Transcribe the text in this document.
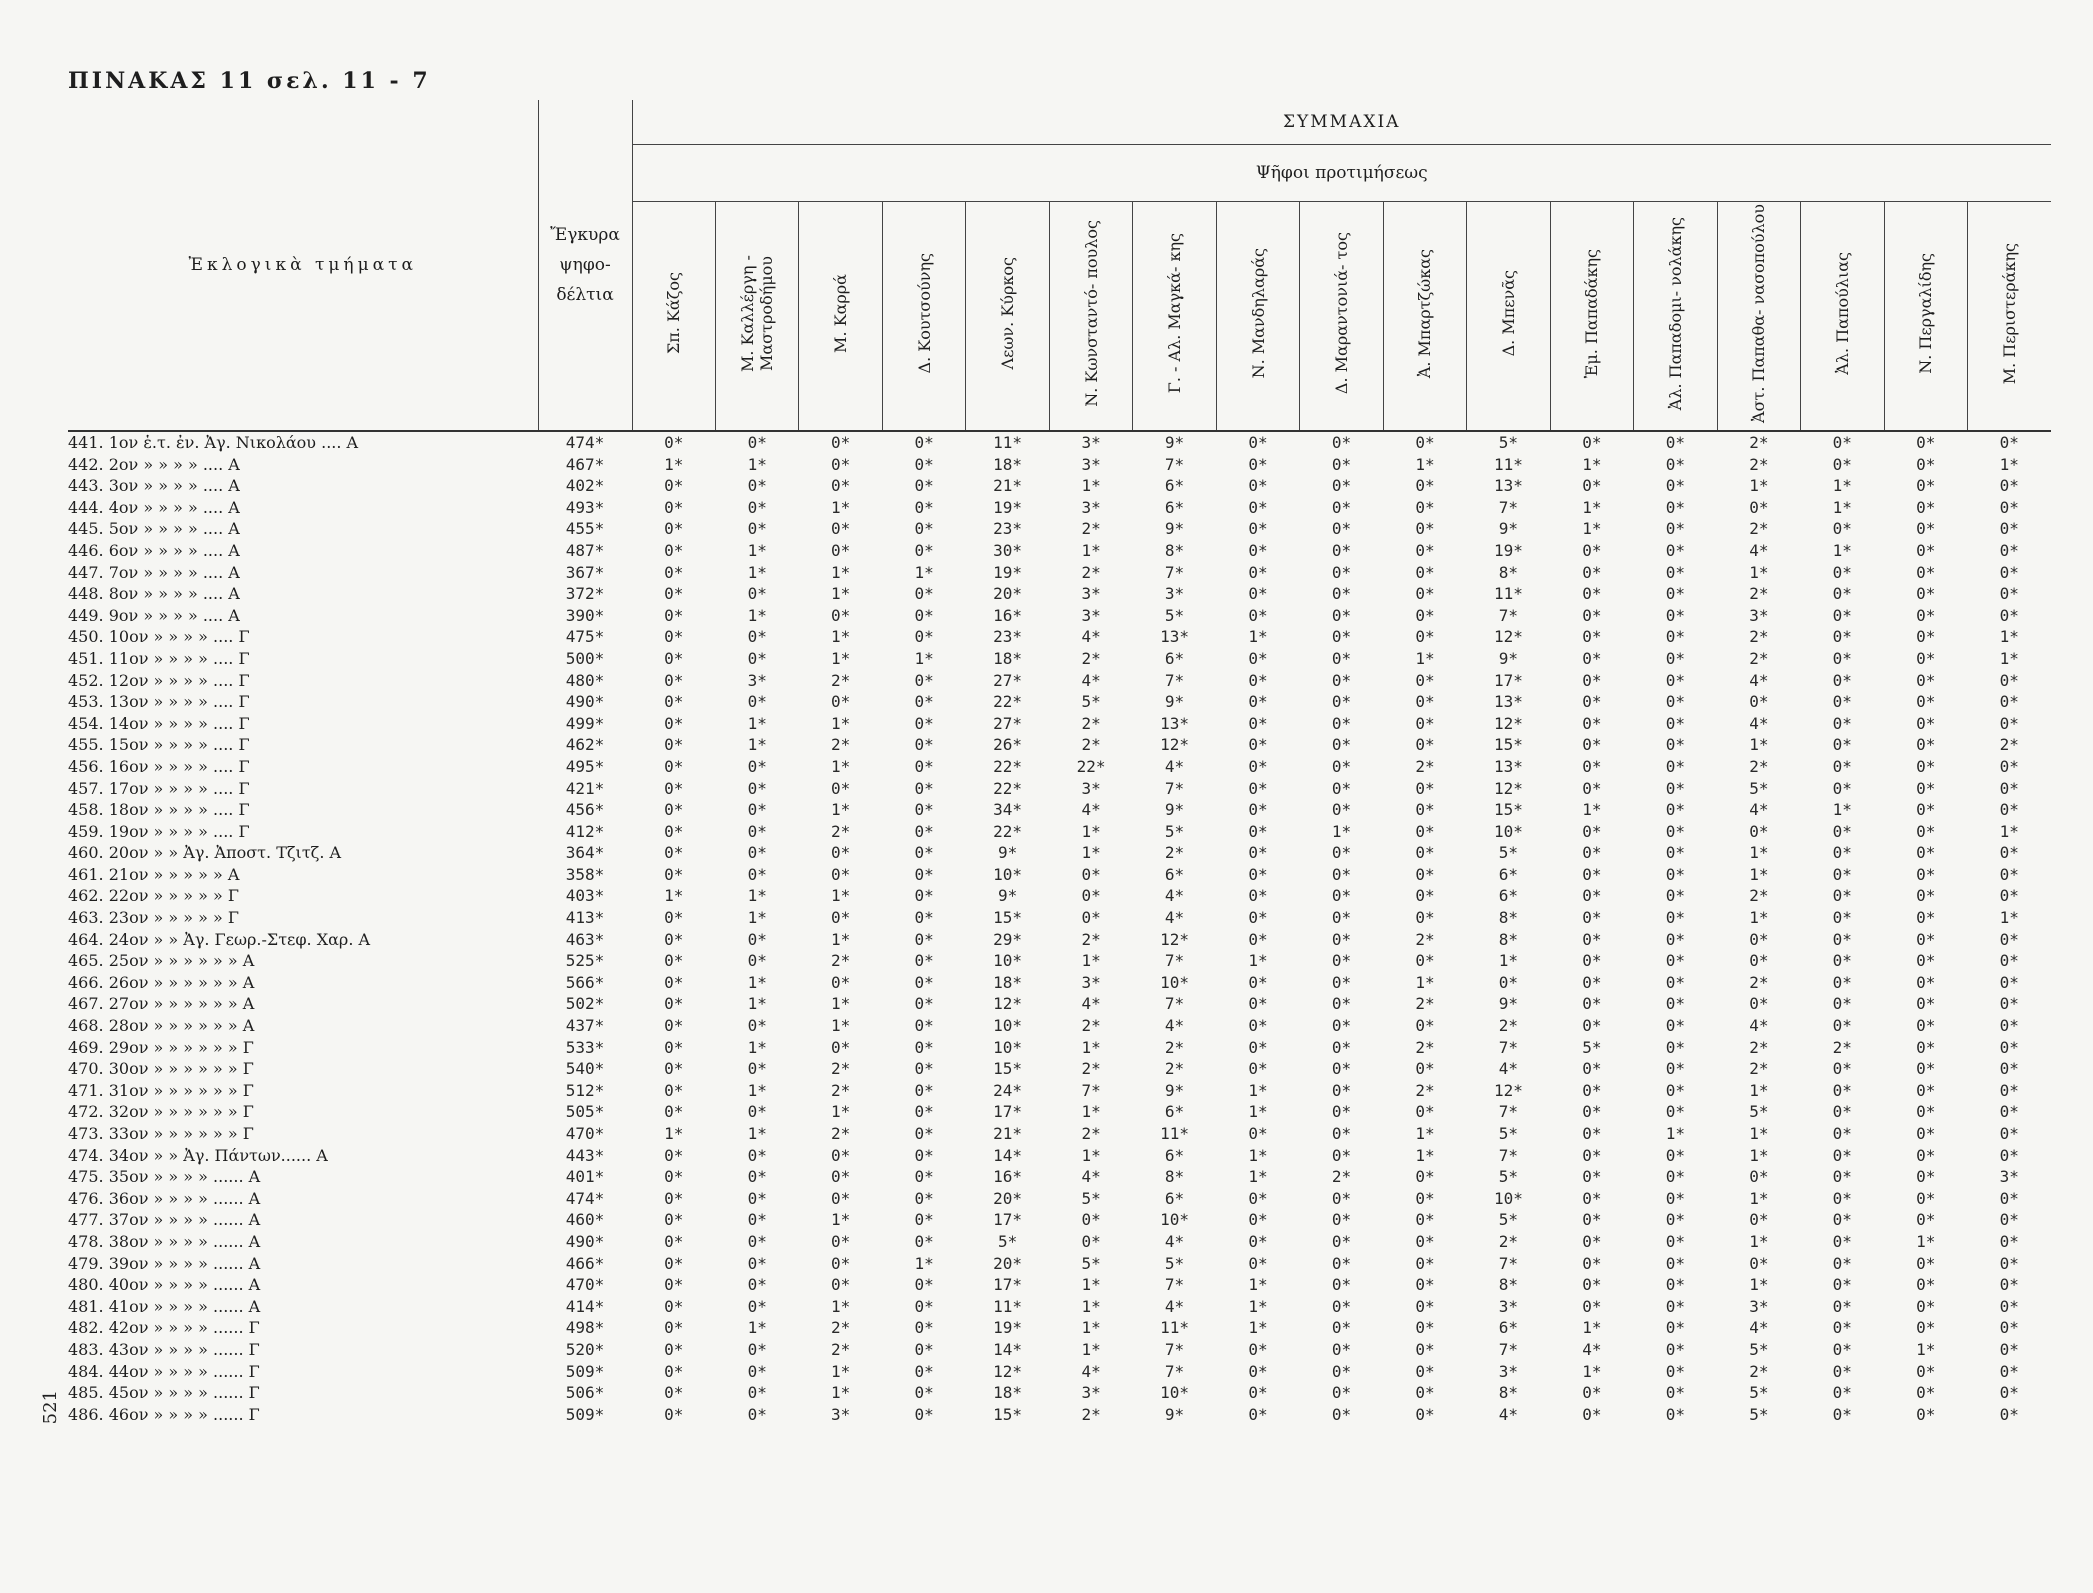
ΠΙΝΑΚΑΣ 11 σελ. 11 - 7
Ἐκλογικὰ τμήματα	Ἔγκυρα ψηφο- δέλτια	ΣΥΜΜΑΧΙΑ																
		Ψῆφοι προτιμήσεως																
		Σπ. Κάζος	Μ. Καλλέργη - Μαστροδήμου	Μ. Καρρά	Δ. Κουτσούνης	Λεων. Κύρκος	Ν. Κωνσταντό- πουλος	Γ. - Αλ. Μαγκά- κης	Ν. Μανδηλαράς	Δ. Μαραντονιά- τος	Ἀ. Μπαρτζώκας	Δ. Μπενᾶς	Ἐμ. Παπαδάκης	Ἀλ. Παπαδομι- νολάκης	Ἀστ. Παπαθα- νασοπούλου	Ἀλ. Παπούλιας	Ν. Περγαλίδης	Μ. Περιστεράκης
441. 1ον ἑ.τ. ἐν. Ἀγ. Νικολάου .... Α	474*	0*	0*	0*	0*	11*	3*	9*	0*	0*	0*	5*	0*	0*	2*	0*	0*	0*
442. 2ον » » » » .... Α	467*	1*	1*	0*	0*	18*	3*	7*	0*	0*	1*	11*	1*	0*	2*	0*	0*	1*
443. 3ον » » » » .... Α	402*	0*	0*	0*	0*	21*	1*	6*	0*	0*	0*	13*	0*	0*	1*	1*	0*	0*
444. 4ον » » » » .... Α	493*	0*	0*	1*	0*	19*	3*	6*	0*	0*	0*	7*	1*	0*	0*	1*	0*	0*
445. 5ον » » » » .... Α	455*	0*	0*	0*	0*	23*	2*	9*	0*	0*	0*	9*	1*	0*	2*	0*	0*	0*
446. 6ον » » » » .... Α	487*	0*	1*	0*	0*	30*	1*	8*	0*	0*	0*	19*	0*	0*	4*	1*	0*	0*
447. 7ον » » » » .... Α	367*	0*	1*	1*	1*	19*	2*	7*	0*	0*	0*	8*	0*	0*	1*	0*	0*	0*
448. 8ον » » » » .... Α	372*	0*	0*	1*	0*	20*	3*	3*	0*	0*	0*	11*	0*	0*	2*	0*	0*	0*
449. 9ον » » » » .... Α	390*	0*	1*	0*	0*	16*	3*	5*	0*	0*	0*	7*	0*	0*	3*	0*	0*	0*
450. 10ον » » » » .... Γ	475*	0*	0*	1*	0*	23*	4*	13*	1*	0*	0*	12*	0*	0*	2*	0*	0*	1*
451. 11ον » » » » .... Γ	500*	0*	0*	1*	1*	18*	2*	6*	0*	0*	1*	9*	0*	0*	2*	0*	0*	1*
452. 12ον » » » » .... Γ	480*	0*	3*	2*	0*	27*	4*	7*	0*	0*	0*	17*	0*	0*	4*	0*	0*	0*
453. 13ον » » » » .... Γ	490*	0*	0*	0*	0*	22*	5*	9*	0*	0*	0*	13*	0*	0*	0*	0*	0*	0*
454. 14ον » » » » .... Γ	499*	0*	1*	1*	0*	27*	2*	13*	0*	0*	0*	12*	0*	0*	4*	0*	0*	0*
455. 15ον » » » » .... Γ	462*	0*	1*	2*	0*	26*	2*	12*	0*	0*	0*	15*	0*	0*	1*	0*	0*	2*
456. 16ον » » » » .... Γ	495*	0*	0*	1*	0*	22*	22*	4*	0*	0*	2*	13*	0*	0*	2*	0*	0*	0*
457. 17ον » » » » .... Γ	421*	0*	0*	0*	0*	22*	3*	7*	0*	0*	0*	12*	0*	0*	5*	0*	0*	0*
458. 18ον » » » » .... Γ	456*	0*	0*	1*	0*	34*	4*	9*	0*	0*	0*	15*	1*	0*	4*	1*	0*	0*
459. 19ον » » » » .... Γ	412*	0*	0*	2*	0*	22*	1*	5*	0*	1*	0*	10*	0*	0*	0*	0*	0*	1*
460. 20ον » » Ἀγ. Ἀποστ. Τζιτζ. Α	364*	0*	0*	0*	0*	9*	1*	2*	0*	0*	0*	5*	0*	0*	1*	0*	0*	0*
461. 21ον » » » » » Α	358*	0*	0*	0*	0*	10*	0*	6*	0*	0*	0*	6*	0*	0*	1*	0*	0*	0*
462. 22ον » » » » » Γ	403*	1*	1*	1*	0*	9*	0*	4*	0*	0*	0*	6*	0*	0*	2*	0*	0*	0*
463. 23ον » » » » » Γ	413*	0*	1*	0*	0*	15*	0*	4*	0*	0*	0*	8*	0*	0*	1*	0*	0*	1*
464. 24ον » » Ἀγ. Γεωρ.-Στεφ. Χαρ. Α	463*	0*	0*	1*	0*	29*	2*	12*	0*	0*	2*	8*	0*	0*	0*	0*	0*	0*
465. 25ον » » » » » » Α	525*	0*	0*	2*	0*	10*	1*	7*	1*	0*	0*	1*	0*	0*	0*	0*	0*	0*
466. 26ον » » » » » » Α	566*	0*	1*	0*	0*	18*	3*	10*	0*	0*	1*	0*	0*	0*	2*	0*	0*	0*
467. 27ον » » » » » » Α	502*	0*	1*	1*	0*	12*	4*	7*	0*	0*	2*	9*	0*	0*	0*	0*	0*	0*
468. 28ον » » » » » » Α	437*	0*	0*	1*	0*	10*	2*	4*	0*	0*	0*	2*	0*	0*	4*	0*	0*	0*
469. 29ον » » » » » » Γ	533*	0*	1*	0*	0*	10*	1*	2*	0*	0*	2*	7*	5*	0*	2*	2*	0*	0*
470. 30ον » » » » » » Γ	540*	0*	0*	2*	0*	15*	2*	2*	0*	0*	0*	4*	0*	0*	2*	0*	0*	0*
471. 31ον » » » » » » Γ	512*	0*	1*	2*	0*	24*	7*	9*	1*	0*	2*	12*	0*	0*	1*	0*	0*	0*
472. 32ον » » » » » » Γ	505*	0*	0*	1*	0*	17*	1*	6*	1*	0*	0*	7*	0*	0*	5*	0*	0*	0*
473. 33ον » » » » » » Γ	470*	1*	1*	2*	0*	21*	2*	11*	0*	0*	1*	5*	0*	1*	1*	0*	0*	0*
474. 34ον » » Ἀγ. Πάντων...... Α	443*	0*	0*	0*	0*	14*	1*	6*	1*	0*	1*	7*	0*	0*	1*	0*	0*	0*
475. 35ον » » » » ...... Α	401*	0*	0*	0*	0*	16*	4*	8*	1*	2*	0*	5*	0*	0*	0*	0*	0*	3*
476. 36ον » » » » ...... Α	474*	0*	0*	0*	0*	20*	5*	6*	0*	0*	0*	10*	0*	0*	1*	0*	0*	0*
477. 37ον » » » » ...... Α	460*	0*	0*	1*	0*	17*	0*	10*	0*	0*	0*	5*	0*	0*	0*	0*	0*	0*
478. 38ον » » » » ...... Α	490*	0*	0*	0*	0*	5*	0*	4*	0*	0*	0*	2*	0*	0*	1*	0*	1*	0*
479. 39ον » » » » ...... Α	466*	0*	0*	0*	1*	20*	5*	5*	0*	0*	0*	7*	0*	0*	0*	0*	0*	0*
480. 40ον » » » » ...... Α	470*	0*	0*	0*	0*	17*	1*	7*	1*	0*	0*	8*	0*	0*	1*	0*	0*	0*
481. 41ον » » » » ...... Α	414*	0*	0*	1*	0*	11*	1*	4*	1*	0*	0*	3*	0*	0*	3*	0*	0*	0*
482. 42ον » » » » ...... Γ	498*	0*	1*	2*	0*	19*	1*	11*	1*	0*	0*	6*	1*	0*	4*	0*	0*	0*
483. 43ον » » » » ...... Γ	520*	0*	0*	2*	0*	14*	1*	7*	0*	0*	0*	7*	4*	0*	5*	0*	1*	0*
484. 44ον » » » » ...... Γ	509*	0*	0*	1*	0*	12*	4*	7*	0*	0*	0*	3*	1*	0*	2*	0*	0*	0*
485. 45ον » » » » ...... Γ	506*	0*	0*	1*	0*	18*	3*	10*	0*	0*	0*	8*	0*	0*	5*	0*	0*	0*
486. 46ον » » » » ...... Γ	509*	0*	0*	3*	0*	15*	2*	9*	0*	0*	0*	4*	0*	0*	5*	0*	0*	0*
521
